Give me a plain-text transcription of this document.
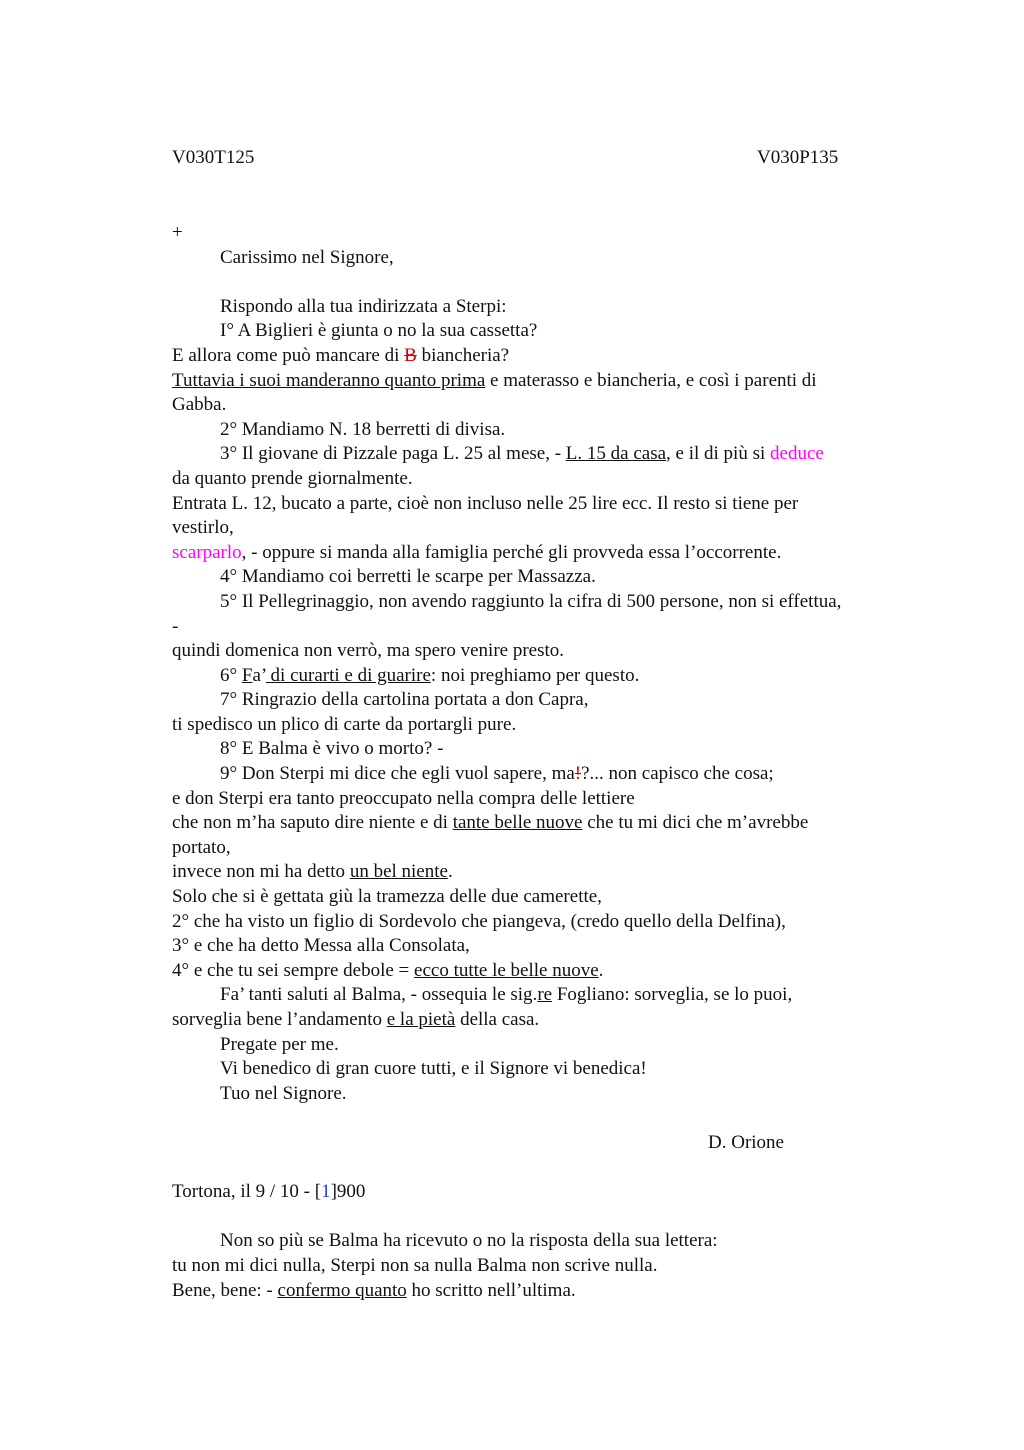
V030T125	V030P135
+
Carissimo nel Signore,
Rispondo alla tua indirizzata a Sterpi:
I° A Biglieri è giunta o no la sua cassetta?
E allora come può mancare di B biancheria?
Tuttavia i suoi manderanno quanto prima e materasso e biancheria, e così i parenti di
Gabba.
2° Mandiamo N. 18 berretti di divisa.
3° Il giovane di Pizzale paga L. 25 al mese, - L. 15 da casa, e il di più si deduce
da quanto prende giornalmente.
Entrata L. 12, bucato a parte, cioè non incluso nelle 25 lire ecc. Il resto si tiene per
vestirlo,
scarparlo, - oppure si manda alla famiglia perché gli provveda essa l’occorrente.
4° Mandiamo coi berretti le scarpe per Massazza.
5° Il Pellegrinaggio, non avendo raggiunto la cifra di 500 persone, non si effettua,
-
quindi domenica non verrò, ma spero venire presto.
6° Fa’ di curarti e di guarire: noi preghiamo per questo.
7° Ringrazio della cartolina portata a don Capra,
ti spedisco un plico di carte da portargli pure.
8° E Balma è vivo o morto? -
9° Don Sterpi mi dice che egli vuol sapere, ma!?... non capisco che cosa;
e don Sterpi era tanto preoccupato nella compra delle lettiere
che non m’ha saputo dire niente e di tante belle nuove che tu mi dici che m’avrebbe
portato,
invece non mi ha detto un bel niente.
Solo che si è gettata giù la tramezza delle due camerette,
2° che ha visto un figlio di Sordevolo che piangeva, (credo quello della Delfina),
3° e che ha detto Messa alla Consolata,
4° e che tu sei sempre debole = ecco tutte le belle nuove.
Fa’ tanti saluti al Balma, - ossequia le sig.re Fogliano: sorveglia, se lo puoi,
sorveglia bene l’andamento e la pietà della casa.
Pregate per me.
Vi benedico di gran cuore tutti, e il Signore vi benedica!
Tuo nel Signore.
D. Orione
Tortona, il 9 / 10 - [1]900
Non so più se Balma ha ricevuto o no la risposta della sua lettera:
tu non mi dici nulla, Sterpi non sa nulla Balma non scrive nulla.
Bene, bene: - confermo quanto ho scritto nell’ultima.
